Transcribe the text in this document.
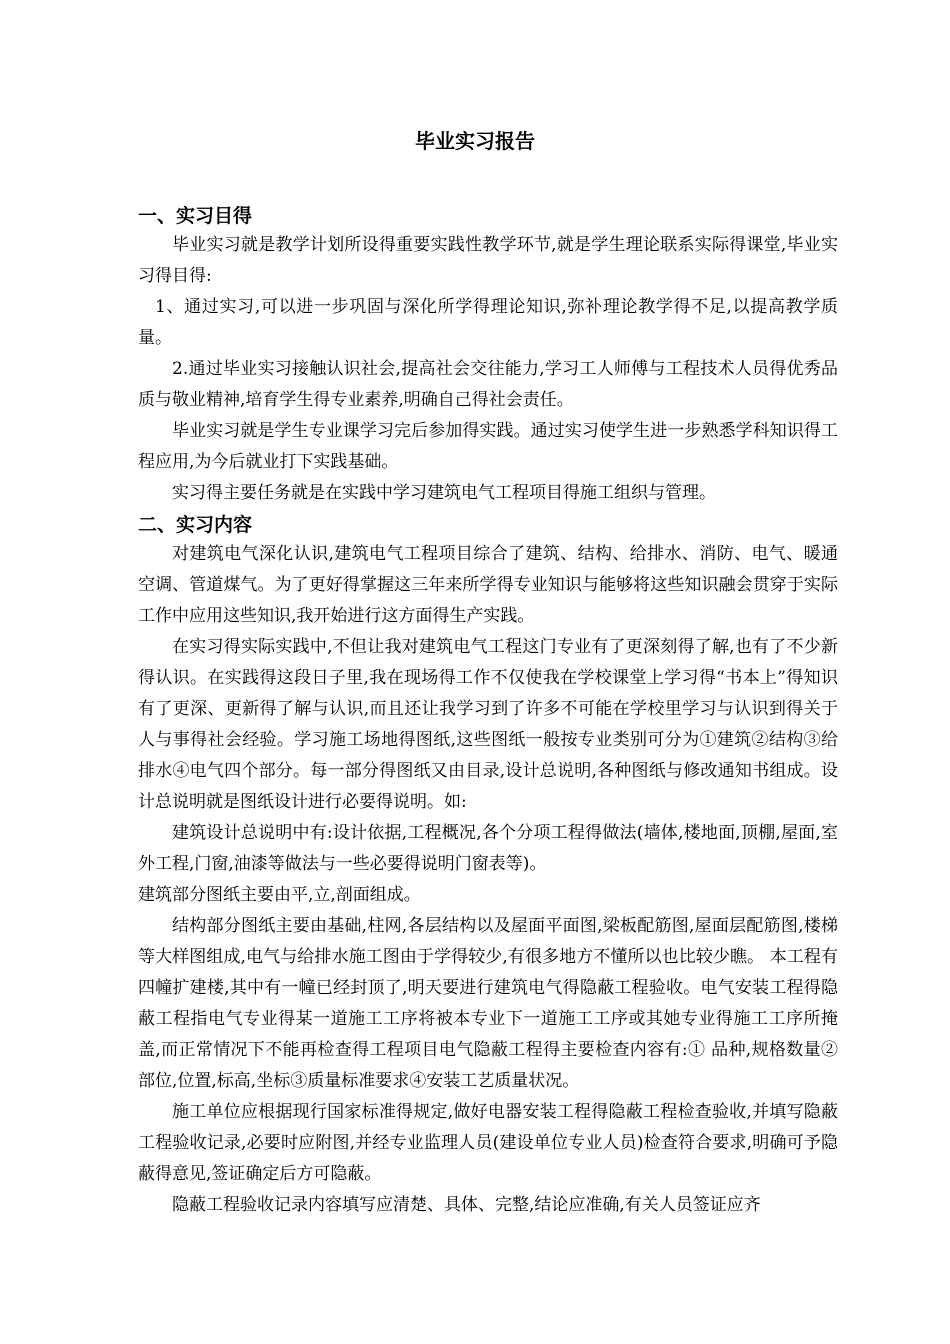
毕业实习报告
一、实习目得

毕业实习就是教学计划所设得重要实践性教学环节,就是学生理论联系实际得课堂,毕业实习得目得:

1、通过实习,可以进一步巩固与深化所学得理论知识,弥补理论教学得不足,以提高教学质量。

2.通过毕业实习接触认识社会,提高社会交往能力,学习工人师傅与工程技术人员得优秀品质与敬业精神,培育学生得专业素养,明确自己得社会责任。

毕业实习就是学生专业课学习完后参加得实践。通过实习使学生进一步熟悉学科知识得工程应用,为今后就业打下实践基础。

实习得主要任务就是在实践中学习建筑电气工程项目得施工组织与管理。

二、实习内容

对建筑电气深化认识,建筑电气工程项目综合了建筑、结构、给排水、消防、电气、暖通空调、管道煤气。为了更好得掌握这三年来所学得专业知识与能够将这些知识融会贯穿于实际工作中应用这些知识,我开始进行这方面得生产实践。

在实习得实际实践中,不但让我对建筑电气工程这门专业有了更深刻得了解,也有了不少新得认识。在实践得这段日子里,我在现场得工作不仅使我在学校课堂上学习得“书本上”得知识有了更深、更新得了解与认识,而且还让我学习到了许多不可能在学校里学习与认识到得关于人与事得社会经验。学习施工场地得图纸,这些图纸一般按专业类别可分为①建筑②结构③给排水④电气四个部分。每一部分得图纸又由目录,设计总说明,各种图纸与修改通知书组成。设计总说明就是图纸设计进行必要得说明。如:

建筑设计总说明中有:设计依据,工程概况,各个分项工程得做法(墙体,楼地面,顶棚,屋面,室外工程,门窗,油漆等做法与一些必要得说明门窗表等)。

建筑部分图纸主要由平,立,剖面组成。

结构部分图纸主要由基础,柱网,各层结构以及屋面平面图,梁板配筋图,屋面层配筋图,楼梯等大样图组成,电气与给排水施工图由于学得较少,有很多地方不懂所以也比较少瞧。 本工程有四幢扩建楼,其中有一幢已经封顶了,明天要进行建筑电气得隐蔽工程验收。电气安装工程得隐蔽工程指电气专业得某一道施工工序将被本专业下一道施工工序或其她专业得施工工序所掩盖,而正常情况下不能再检查得工程项目电气隐蔽工程得主要检查内容有:① 品种,规格数量②部位,位置,标高,坐标③质量标准要求④安装工艺质量状况。

施工单位应根据现行国家标准得规定,做好电器安装工程得隐蔽工程检查验收,并填写隐蔽工程验收记录,必要时应附图,并经专业监理人员(建设单位专业人员)检查符合要求,明确可予隐蔽得意见,签证确定后方可隐蔽。

隐蔽工程验收记录内容填写应清楚、具体、完整,结论应准确,有关人员签证应齐
